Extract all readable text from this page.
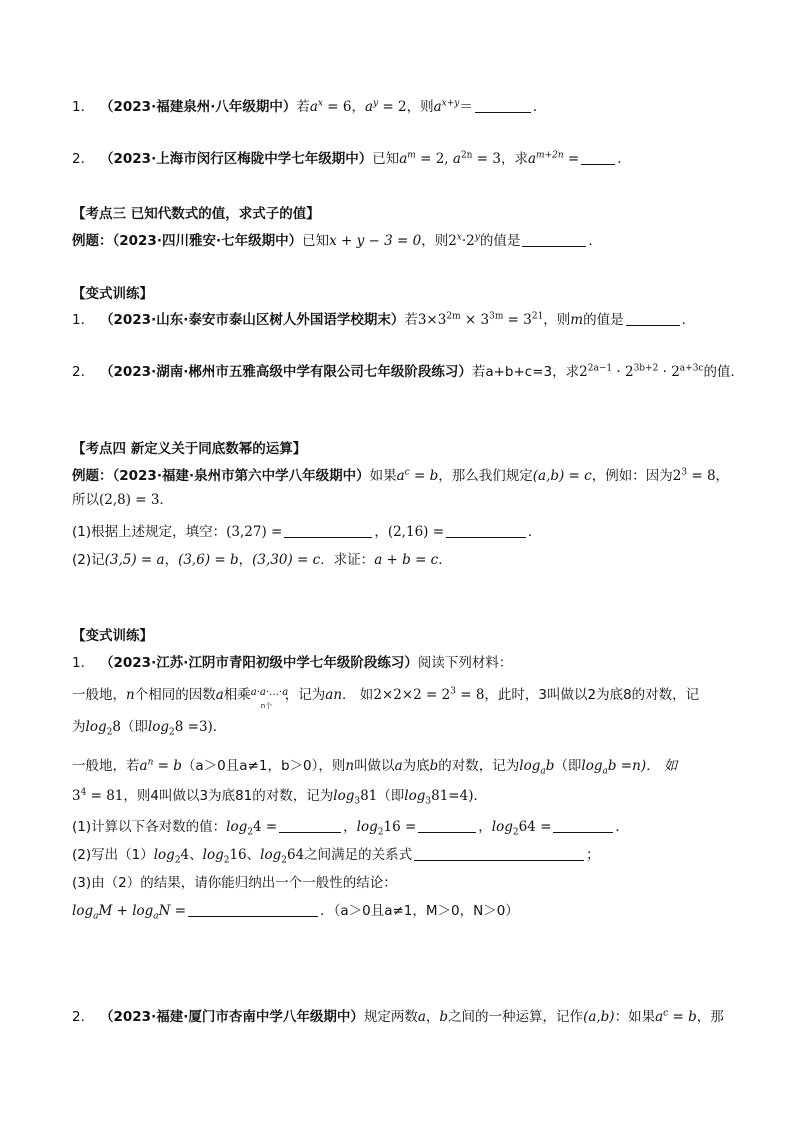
1． （2023·福建泉州·八年级期中）若$a^x = 6$，$a^y = 2$，则$a^{x+y}=$	．
2． （2023·上海市闵行区梅陇中学七年级期中）已知$a^m = 2$, $a^{2n} = 3$，求$a^{m+2n}$ =	．
【考点三 已知代数式的值，求式子的值】
例题：（2023·四川雅安·七年级期中）已知x + y − 3 = 0，则$2^x\cdot 2^y$的值是	．
【变式训练】
1． （2023·山东·泰安市泰山区树人外国语学校期末）若$3\times 3^{2m} \times 3^{3m} = 3^{21}$，则m的值是	．
2． （2023·湖南·郴州市五雅高级中学有限公司七年级阶段练习）若a+b+c=3，求$2^{2a-1} \cdot 2^{3b+2} \cdot 2^{a+3c}$的值．
【考点四 新定义关于同底数幂的运算】
例题：（2023·福建·泉州市第六中学八年级期中）如果$a^c = b$，那么我们规定(a,b) = c，例如：因为$2^3 = 8$，
所以(2,8) = 3．
(1)根据上述规定，填空：(3,27) =	，(2,16) =	．
(2)记(3,5) = a，(3,6) = b，(3,30) = c．求证：a + b = c．
【变式训练】
1． （2023·江苏·江阴市青阳初级中学七年级阶段练习）阅读下列材料：
一般地，n个相同的因数a相乘 a·a·…·a
n个
，记为an． 如$2\times 2\times 2 = 2^3 = 8$，此时，3叫做以2为底8的对数，记
为$\log_28$（即$\log_28 =3$)．
一般地，若$a^n = b(a>0$且a≠1，b＞0），则n叫做以a为底b的对数，记为$\log_ab$（即$\log_ab =n$)． 如
$3^4 = 81$，则4叫做以3为底81的对数，记为$\log_381$（即$\log_381=4$)．
(1)计算以下各对数的值：$\log_24$ =	，$\log_216$ =	，$\log_264$ =	．
(2)写出$(1)\log_24$、$\log_216$、$\log_264$之间满足的关系式	；
(3)由（2）的结果，请你能归纳出一个一般性的结论：
$\log_aM + \log_aN$ =	．（a＞0且a≠1，M＞0，N＞0）
2． （2023·福建·厦门市杏南中学八年级期中）规定两数a，b之间的一种运算，记作(a,b)：如果$a^c = b$，那
